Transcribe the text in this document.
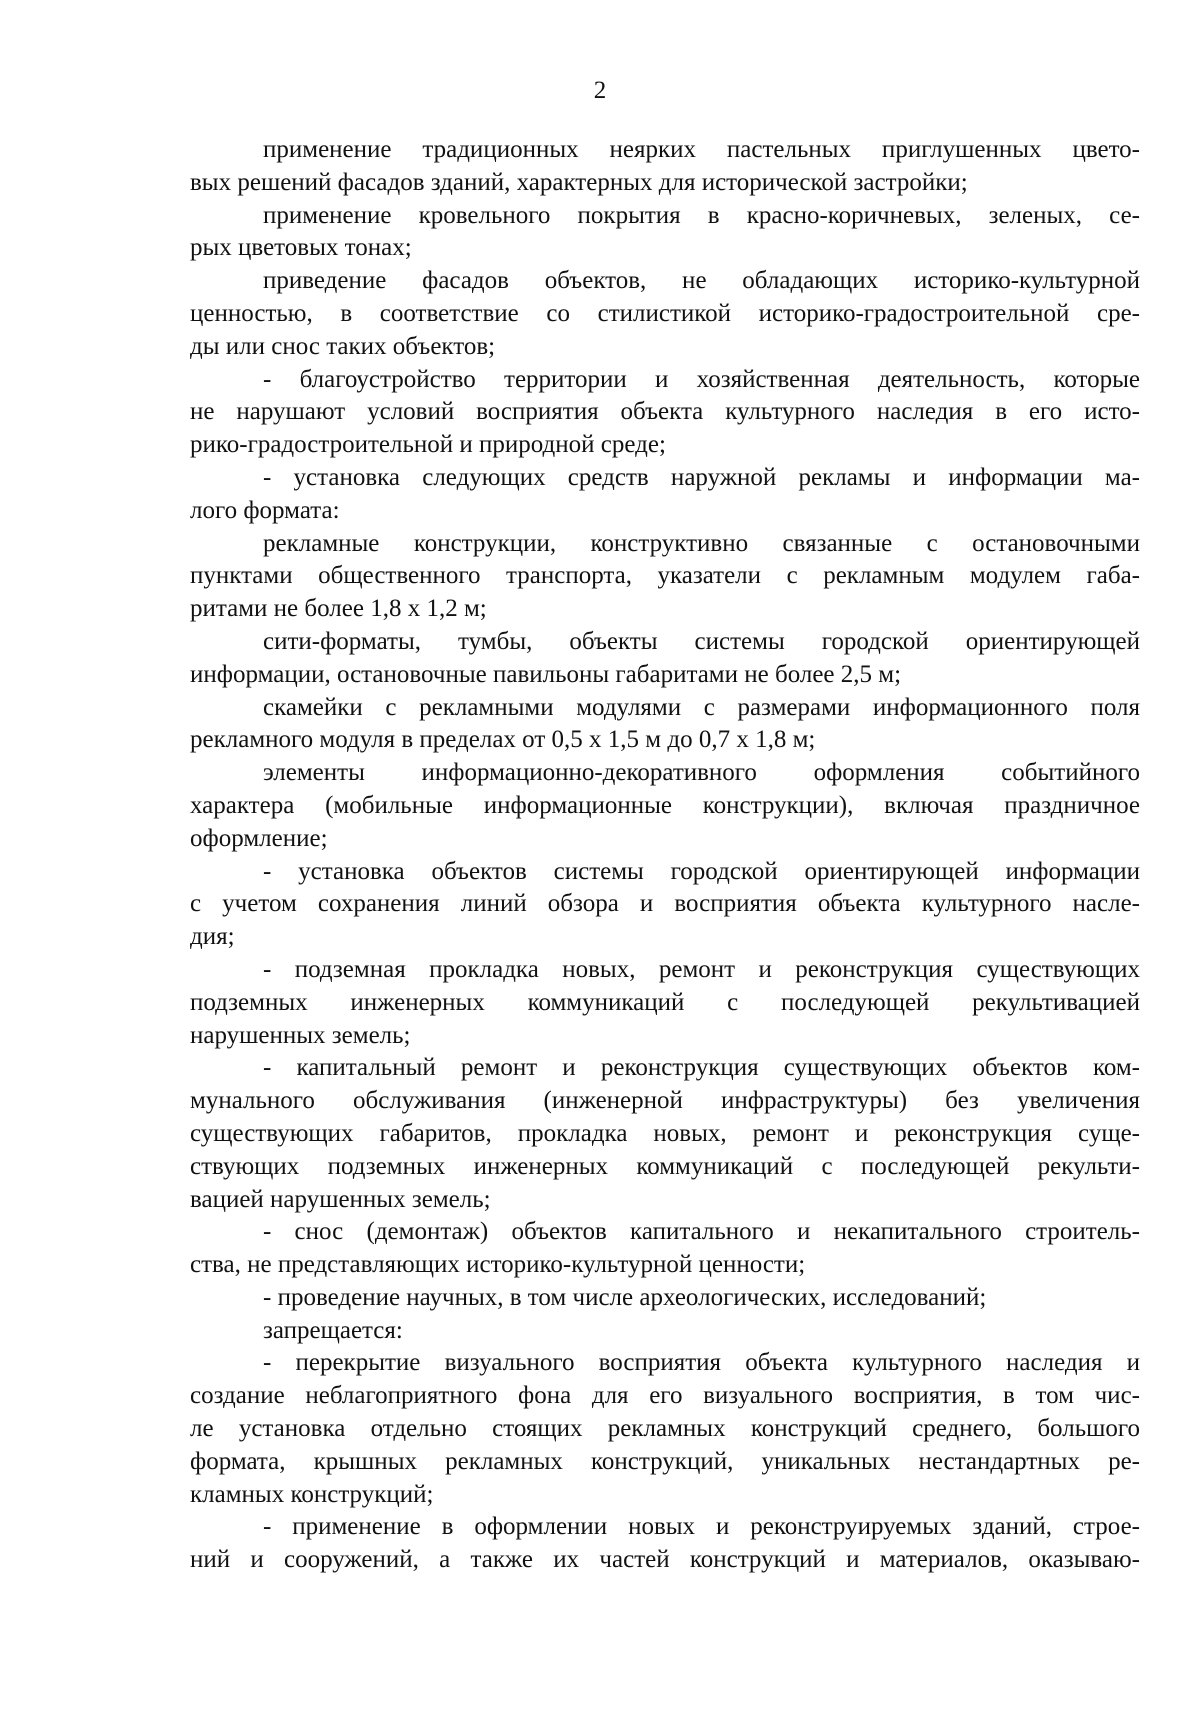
2
применение традиционных неярких пастельных приглушенных цвето-
вых решений фасадов зданий, характерных для исторической застройки;
применение кровельного покрытия в красно-коричневых, зеленых, се-
рых цветовых тонах;
приведение фасадов объектов, не обладающих историко-культурной
ценностью, в соответствие со стилистикой историко-градостроительной сре-
ды или снос таких объектов;
- благоустройство территории и хозяйственная деятельность, которые
не нарушают условий восприятия объекта культурного наследия в его исто-
рико-градостроительной и природной среде;
- установка следующих средств наружной рекламы и информации ма-
лого формата:
рекламные конструкции, конструктивно связанные с остановочными
пунктами общественного транспорта, указатели с рекламным модулем габа-
ритами не более 1,8 х 1,2 м;
сити-форматы, тумбы, объекты системы городской ориентирующей
информации, остановочные павильоны габаритами не более 2,5 м;
скамейки с рекламными модулями с размерами информационного поля
рекламного модуля в пределах от 0,5 х 1,5 м до 0,7 х 1,8 м;
элементы информационно-декоративного оформления событийного
характера (мобильные информационные конструкции), включая праздничное
оформление;
- установка объектов системы городской ориентирующей информации
с учетом сохранения линий обзора и восприятия объекта культурного насле-
дия;
- подземная прокладка новых, ремонт и реконструкция существующих
подземных инженерных коммуникаций с последующей рекультивацией
нарушенных земель;
- капитальный ремонт и реконструкция существующих объектов ком-
мунального обслуживания (инженерной инфраструктуры) без увеличения
существующих габаритов, прокладка новых, ремонт и реконструкция суще-
ствующих подземных инженерных коммуникаций с последующей рекульти-
вацией нарушенных земель;
- снос (демонтаж) объектов капитального и некапитального строитель-
ства, не представляющих историко-культурной ценности;
- проведение научных, в том числе археологических, исследований;
запрещается:
- перекрытие визуального восприятия объекта культурного наследия и
создание неблагоприятного фона для его визуального восприятия, в том чис-
ле установка отдельно стоящих рекламных конструкций среднего, большого
формата, крышных рекламных конструкций, уникальных нестандартных ре-
кламных конструкций;
- применение в оформлении новых и реконструируемых зданий, строе-
ний и сооружений, а также их частей конструкций и материалов, оказываю-
